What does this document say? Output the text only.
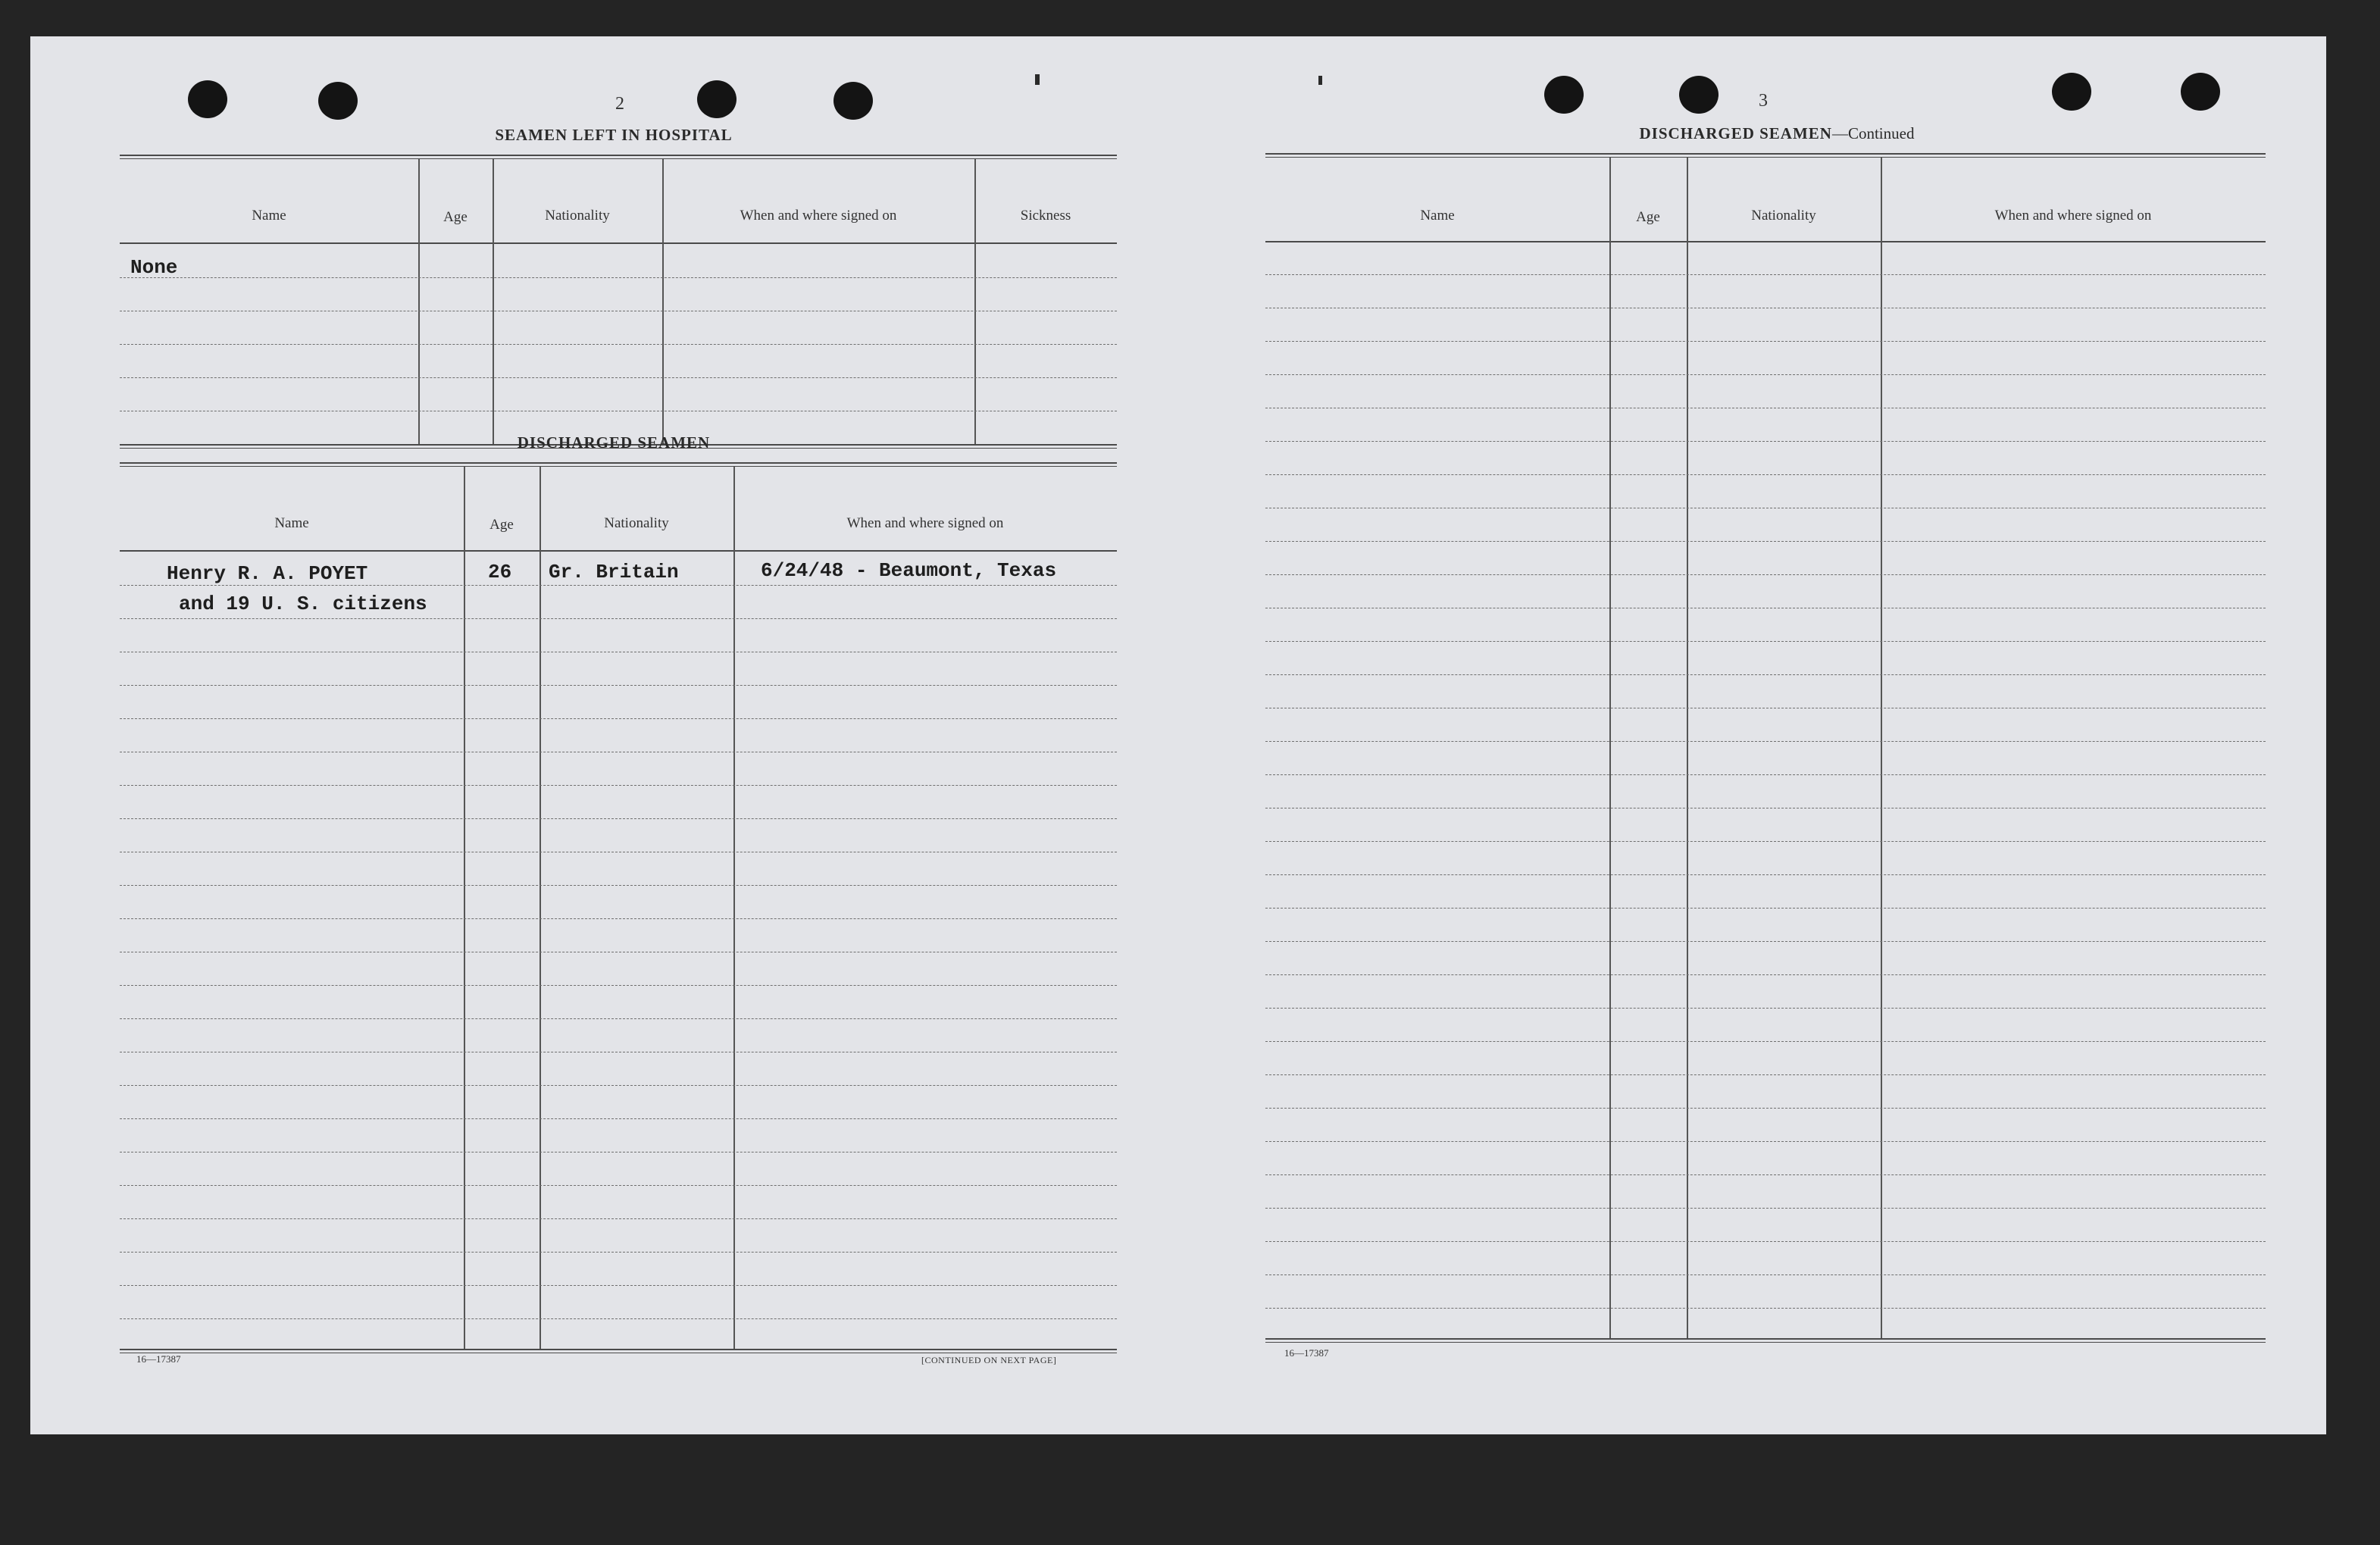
2
SEAMEN LEFT IN HOSPITAL
Name	Age	Nationality	When and where signed on	Sickness
None
DISCHARGED SEAMEN
Name	Age	Nationality	When and where signed on
Henry R. A. POYET	26 Gr. Britain	6/24/48 - Beaumont, Texas
and 19 U. S. citizens
16—17387	[CONTINUED ON NEXT PAGE]
3
DISCHARGED SEAMEN—Continued
Name	Age	Nationality	When and where signed on
16—17387
